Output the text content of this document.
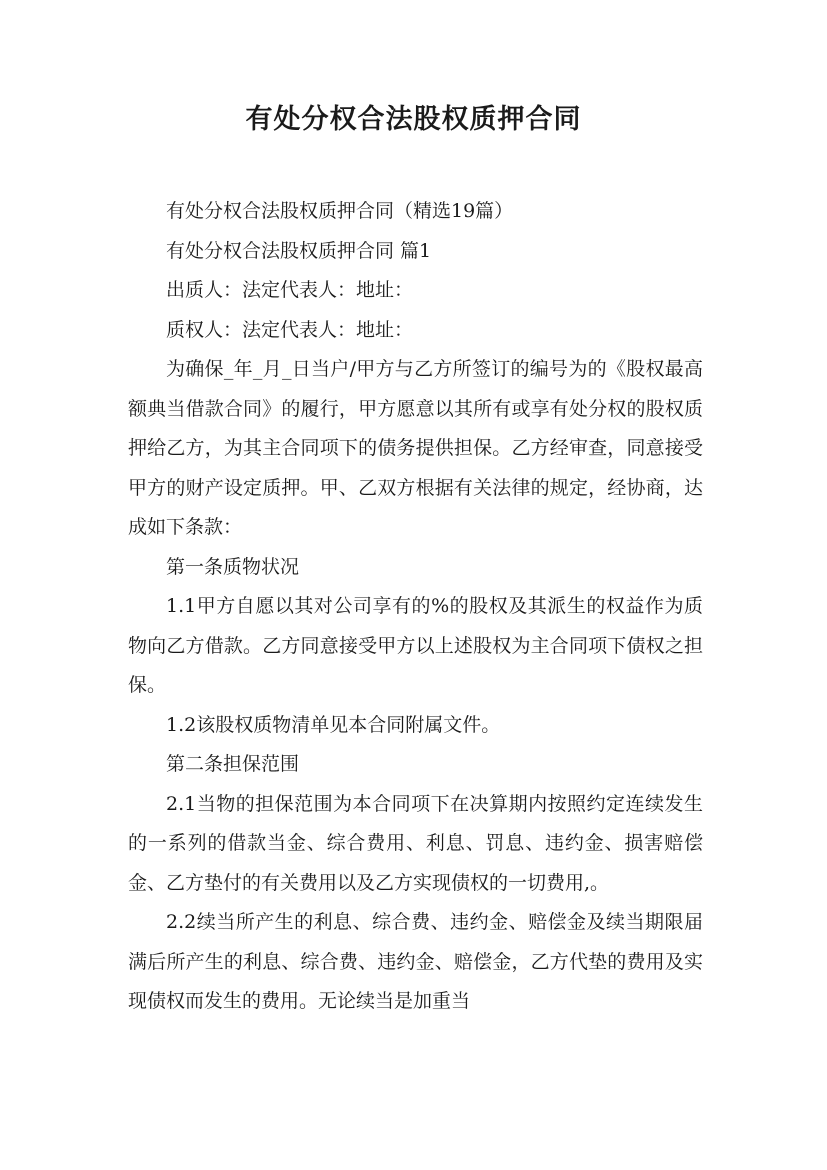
有处分权合法股权质押合同

有处分权合法股权质押合同（精选19篇）

有处分权合法股权质押合同 篇1

出质人：法定代表人：地址：

质权人：法定代表人：地址：

为确保_年_月_日当户/甲方与乙方所签订的编号为的《股权最高额典当借款合同》的履行，甲方愿意以其所有或享有处分权的股权质押给乙方，为其主合同项下的债务提供担保。乙方经审查，同意接受甲方的财产设定质押。甲、乙双方根据有关法律的规定，经协商，达成如下条款：

第一条质物状况

1.1甲方自愿以其对公司享有的%的股权及其派生的权益作为质物向乙方借款。乙方同意接受甲方以上述股权为主合同项下债权之担保。

1.2该股权质物清单见本合同附属文件。

第二条担保范围

2.1当物的担保范围为本合同项下在决算期内按照约定连续发生的一系列的借款当金、综合费用、利息、罚息、违约金、损害赔偿金、乙方垫付的有关费用以及乙方实现债权的一切费用,。

2.2续当所产生的利息、综合费、违约金、赔偿金及续当期限届满后所产生的利息、综合费、违约金、赔偿金，乙方代垫的费用及实现债权而发生的费用。无论续当是加重当
